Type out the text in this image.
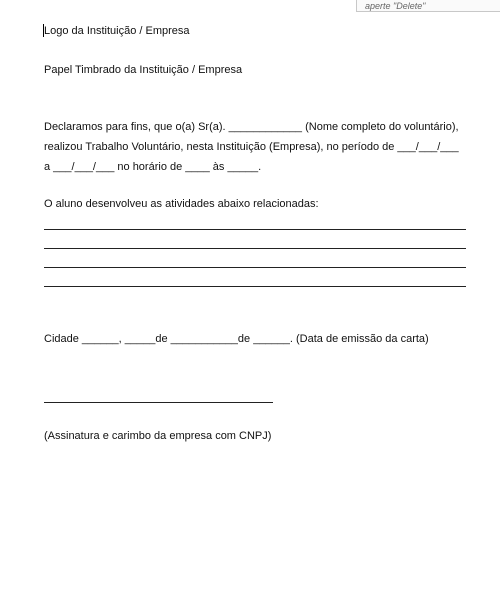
aperte "Delete"
Logo da Instituição / Empresa
Papel Timbrado da Instituição / Empresa
Declaramos para fins, que o(a) Sr(a). ____________ (Nome completo do voluntário),
realizou Trabalho Voluntário, nesta Instituição (Empresa), no período de ___/___/___
a ___/___/___ no horário de ____ às _____.
O aluno desenvolveu as atividades abaixo relacionadas:
Cidade ______, _____de ___________de ______. (Data de emissão da carta)
(Assinatura e carimbo da empresa com CNPJ)
